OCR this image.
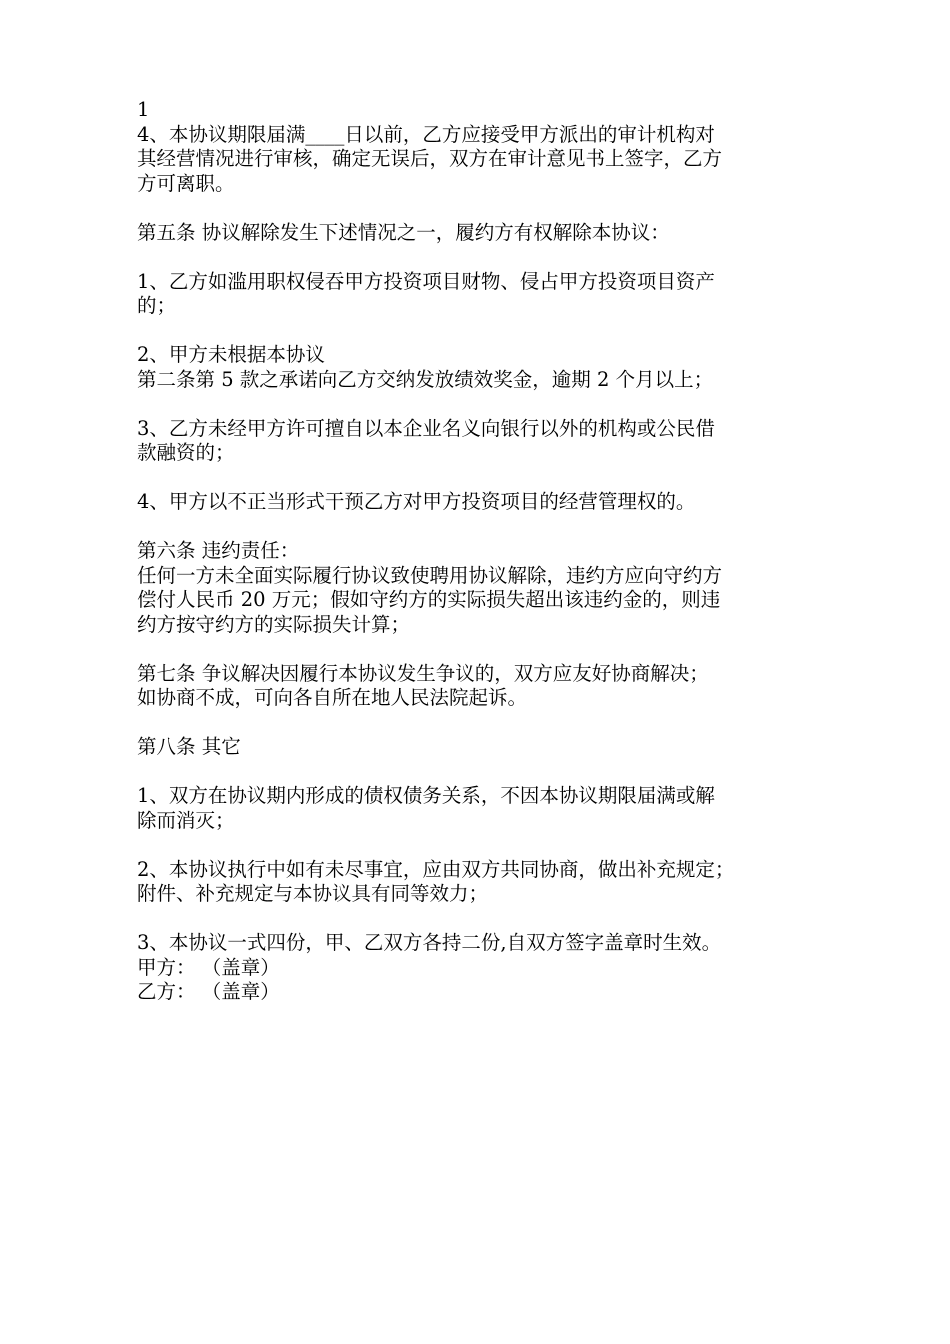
1
4、本协议期限届满____日以前，乙方应接受甲方派出的审计机构对
其经营情况进行审核，确定无误后，双方在审计意见书上签字，乙方
方可离职。
第五条 协议解除发生下述情况之一，履约方有权解除本协议：
1、乙方如滥用职权侵吞甲方投资项目财物、侵占甲方投资项目资产
的；
2、甲方未根据本协议
第二条第 5 款之承诺向乙方交纳发放绩效奖金，逾期 2 个月以上；
3、乙方未经甲方许可擅自以本企业名义向银行以外的机构或公民借
款融资的；
4、甲方以不正当形式干预乙方对甲方投资项目的经营管理权的。
第六条 违约责任：
任何一方未全面实际履行协议致使聘用协议解除，违约方应向守约方
偿付人民币 20 万元；假如守约方的实际损失超出该违约金的，则违
约方按守约方的实际损失计算；
第七条 争议解决因履行本协议发生争议的，双方应友好协商解决；
如协商不成，可向各自所在地人民法院起诉。
第八条 其它
1、双方在协议期内形成的债权债务关系，不因本协议期限届满或解
除而消灭；
2、本协议执行中如有未尽事宜，应由双方共同协商，做出补充规定；
附件、补充规定与本协议具有同等效力；
3、本协议一式四份，甲、乙双方各持二份,自双方签字盖章时生效。
甲方： （盖章）
乙方： （盖章）
